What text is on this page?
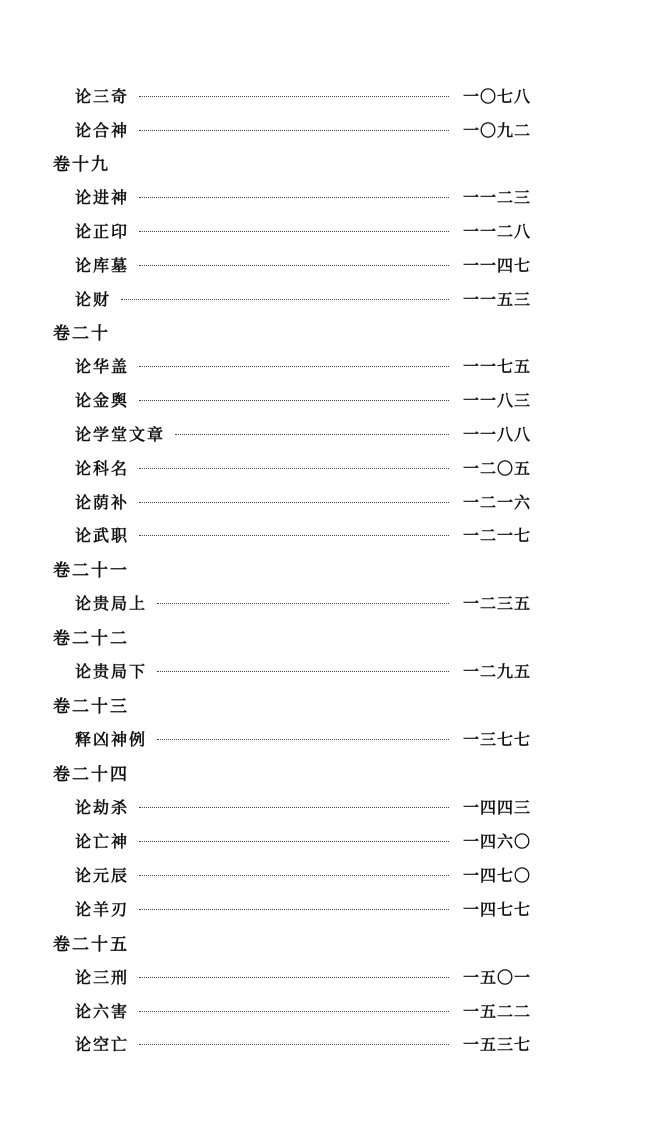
论三奇	一〇七八
论合神	一〇九二
卷十九
论进神	一一二三
论正印	一一二八
论库墓	一一四七
论财	一一五三
卷二十
论华盖	一一七五
论金舆	一一八三
论学堂文章	一一八八
论科名	一二〇五
论荫补	一二一六
论武职	一二一七
卷二十一
论贵局上	一二三五
卷二十二
论贵局下	一二九五
卷二十三
释凶神例	一三七七
卷二十四
论劫杀	一四四三
论亡神	一四六〇
论元辰	一四七〇
论羊刃	一四七七
卷二十五
论三刑	一五〇一
论六害	一五二二
论空亡	一五三七
